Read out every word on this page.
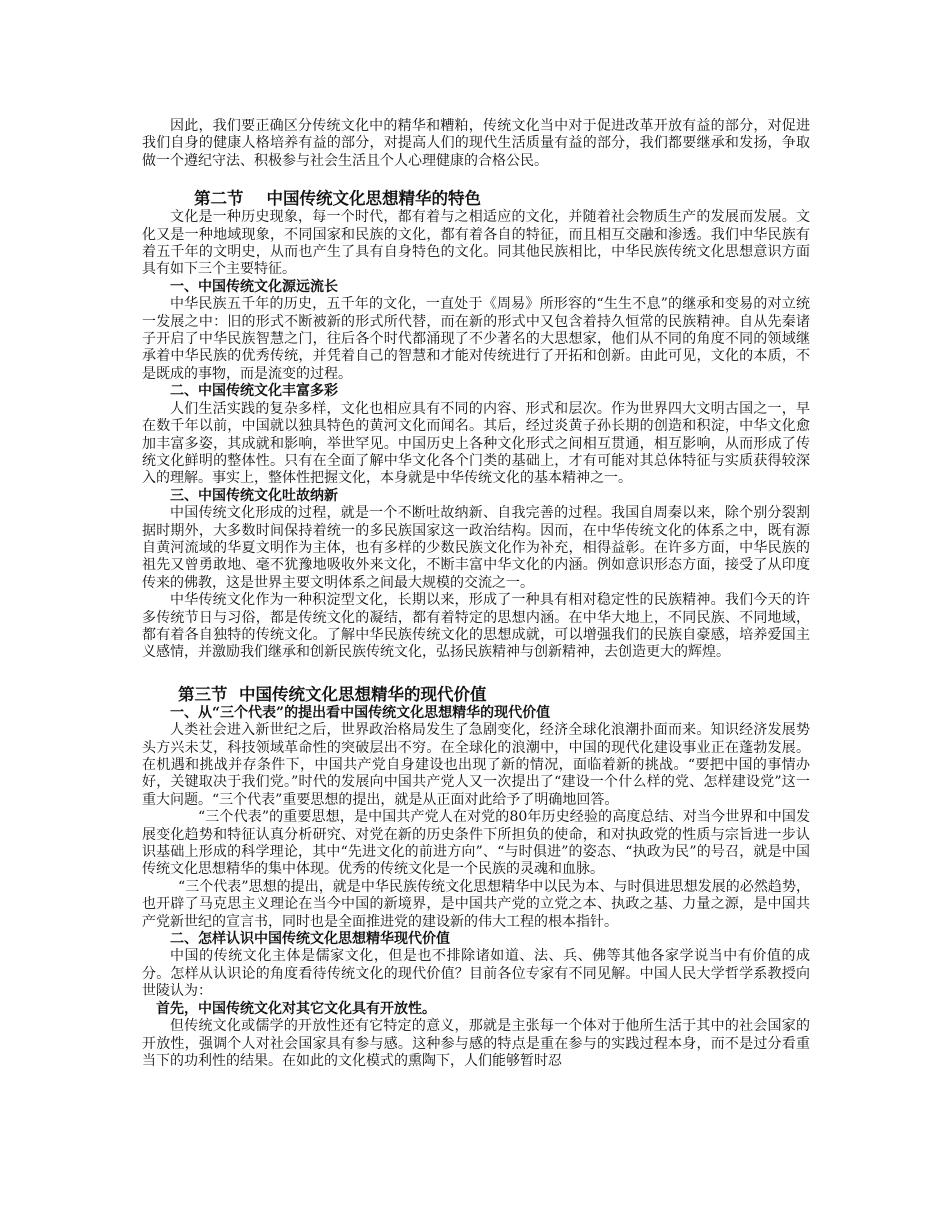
因此，我们要正确区分传统文化中的精华和糟粕，传统文化当中对于促进改革开放有益的部分，对促进我们自身的健康人格培养有益的部分，对提高人们的现代生活质量有益的部分，我们都要继承和发扬，争取做一个遵纪守法、积极参与社会生活且个人心理健康的合格公民。

第二节    中国传统文化思想精华的特色

文化是一种历史现象，每一个时代，都有着与之相适应的文化，并随着社会物质生产的发展而发展。文化又是一种地域现象，不同国家和民族的文化，都有着各自的特征，而且相互交融和渗透。我们中华民族有着五千年的文明史，从而也产生了具有自身特色的文化。同其他民族相比，中华民族传统文化思想意识方面具有如下三个主要特征。

一、中国传统文化源远流长

中华民族五千年的历史，五千年的文化，一直处于《周易》所形容的“生生不息”的继承和变易的对立统一发展之中：旧的形式不断被新的形式所代替，而在新的形式中又包含着持久恒常的民族精神。自从先秦诸子开启了中华民族智慧之门，往后各个时代都涌现了不少著名的大思想家，他们从不同的角度不同的领域继承着中华民族的优秀传统，并凭着自己的智慧和才能对传统进行了开拓和创新。由此可见，文化的本质，不是既成的事物，而是流变的过程。

二、中国传统文化丰富多彩

人们生活实践的复杂多样，文化也相应具有不同的内容、形式和层次。作为世界四大文明古国之一，早在数千年以前，中国就以独具特色的黄河文化而闻名。其后，经过炎黄子孙长期的创造和积淀，中华文化愈加丰富多姿，其成就和影响，举世罕见。中国历史上各种文化形式之间相互贯通，相互影响，从而形成了传统文化鲜明的整体性。只有在全面了解中华文化各个门类的基础上，才有可能对其总体特征与实质获得较深入的理解。事实上，整体性把握文化，本身就是中华传统文化的基本精神之一。

三、中国传统文化吐故纳新

中国传统文化形成的过程，就是一个不断吐故纳新、自我完善的过程。我国自周秦以来，除个别分裂割据时期外，大多数时间保持着统一的多民族国家这一政治结构。因而，在中华传统文化的体系之中，既有源自黄河流域的华夏文明作为主体，也有多样的少数民族文化作为补充，相得益彰。在许多方面，中华民族的祖先又曾勇敢地、毫不犹豫地吸收外来文化，不断丰富中华文化的内涵。例如意识形态方面，接受了从印度传来的佛教，这是世界主要文明体系之间最大规模的交流之一。

中华传统文化作为一种积淀型文化，长期以来，形成了一种具有相对稳定性的民族精神。我们今天的许多传统节日与习俗，都是传统文化的凝结，都有着特定的思想内涵。在中华大地上，不同民族、不同地域，都有着各自独特的传统文化。了解中华民族传统文化的思想成就，可以增强我们的民族自豪感，培养爱国主义感情，并激励我们继承和创新民族传统文化，弘扬民族精神与创新精神，去创造更大的辉煌。

第三节  中国传统文化思想精华的现代价值

一、从“三个代表”的提出看中国传统文化思想精华的现代价值

人类社会进入新世纪之后，世界政治格局发生了急剧变化，经济全球化浪潮扑面而来。知识经济发展势头方兴未艾，科技领域革命性的突破层出不穷。在全球化的浪潮中，中国的现代化建设事业正在蓬勃发展。在机遇和挑战并存条件下，中国共产党自身建设也出现了新的情况，面临着新的挑战。“要把中国的事情办好，关键取决于我们党。”时代的发展向中国共产党人又一次提出了“建设一个什么样的党、怎样建设党”这一重大问题。“三个代表”重要思想的提出，就是从正面对此给予了明确地回答。

“三个代表”的重要思想，是中国共产党人在对党的80年历史经验的高度总结、对当今世界和中国发展变化趋势和特征认真分析研究、对党在新的历史条件下所担负的使命，和对执政党的性质与宗旨进一步认识基础上形成的科学理论，其中“先进文化的前进方向”、“与时俱进”的姿态、“执政为民”的号召，就是中国传统文化思想精华的集中体现。优秀的传统文化是一个民族的灵魂和血脉。

“三个代表”思想的提出，就是中华民族传统文化思想精华中以民为本、与时俱进思想发展的必然趋势，也开辟了马克思主义理论在当今中国的新境界，是中国共产党的立党之本、执政之基、力量之源，是中国共产党新世纪的宣言书，同时也是全面推进党的建设新的伟大工程的根本指针。

二、怎样认识中国传统文化思想精华现代价值

中国的传统文化主体是儒家文化，但是也不排除诸如道、法、兵、佛等其他各家学说当中有价值的成分。怎样从认识论的角度看待传统文化的现代价值？目前各位专家有不同见解。中国人民大学哲学系教授向世陵认为：

首先，中国传统文化对其它文化具有开放性。

但传统文化或儒学的开放性还有它特定的意义，那就是主张每一个体对于他所生活于其中的社会国家的开放性，强调个人对社会国家具有参与感。这种参与感的特点是重在参与的实践过程本身，而不是过分看重当下的功利性的结果。在如此的文化模式的熏陶下，人们能够暂时忍
